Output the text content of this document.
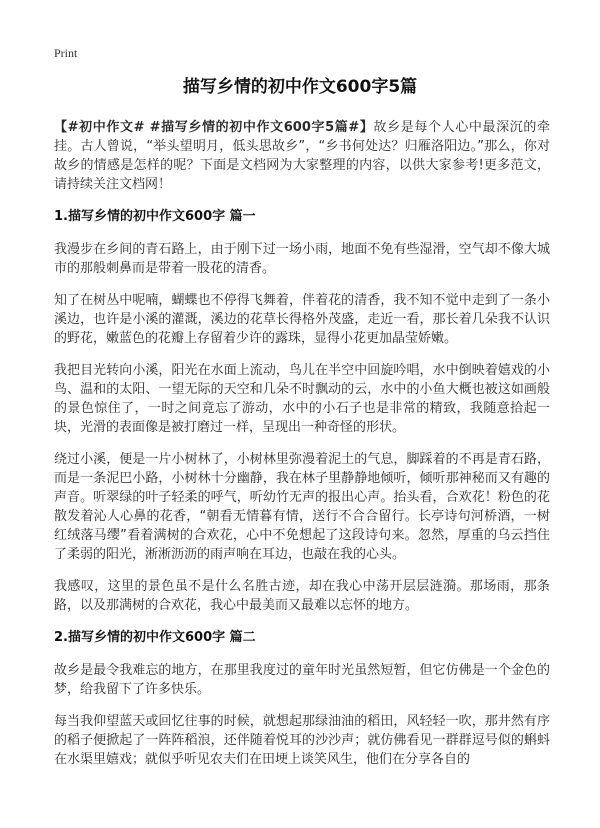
Print
描写乡情的初中作文600字5篇

【#初中作文# #描写乡情的初中作文600字5篇#】故乡是每个人心中最深沉的牵挂。古人曾说，“举头望明月，低头思故乡”，“乡书何处达？归雁洛阳边。”那么，你对故乡的情感是怎样的呢？下面是文档网为大家整理的内容，以供大家参考!更多范文，请持续关注文档网！

1.描写乡情的初中作文600字 篇一

我漫步在乡间的青石路上，由于刚下过一场小雨，地面不免有些湿滑，空气却不像大城市的那般刺鼻而是带着一股花的清香。

知了在树丛中呢喃，蝴蝶也不停得飞舞着，伴着花的清香，我不知不觉中走到了一条小溪边，也许是小溪的灌溉，溪边的花草长得格外茂盛，走近一看，那长着几朵我不认识的野花，嫩蓝色的花瓣上存留着少许的露珠，显得小花更加晶莹娇嫩。

我把目光转向小溪，阳光在水面上流动，鸟儿在半空中回旋吟唱，水中倒映着嬉戏的小鸟、温和的太阳、一望无际的天空和几朵不时飘动的云，水中的小鱼大概也被这如画般的景色惊住了，一时之间竟忘了游动，水中的小石子也是非常的精致，我随意拾起一块，光滑的表面像是被打磨过一样，呈现出一种奇怪的形状。

绕过小溪，便是一片小树林了，小树林里弥漫着泥土的气息，脚踩着的不再是青石路，而是一条泥巴小路，小树林十分幽静，我在林子里静静地倾听，倾听那神秘而又有趣的声音。听翠绿的叶子轻柔的呼气，听幼竹无声的报出心声。抬头看，合欢花！粉色的花散发着沁人心鼻的花香，“朝看无情暮有情，送行不合合留行。长亭诗句河桥酒，一树红绒落马缨”看着满树的合欢花，心中不免想起了这段诗句来。忽然，厚重的乌云挡住了柔弱的阳光，淅淅沥沥的雨声响在耳边，也敲在我的心头。

我感叹，这里的景色虽不是什么名胜古迹，却在我心中荡开层层涟漪。那场雨，那条路，以及那满树的合欢花，我心中最美而又最难以忘怀的地方。

2.描写乡情的初中作文600字 篇二

故乡是最令我难忘的地方，在那里我度过的童年时光虽然短暂，但它仿佛是一个金色的梦，给我留下了许多快乐。

每当我仰望蓝天或回忆往事的时候，就想起那绿油油的稻田，风轻轻一吹，那井然有序的稻子便掀起了一阵阵稻浪，还伴随着悦耳的沙沙声；就仿佛看见一群群逗号似的蝌蚪在水渠里嬉戏；就似乎听见农夫们在田埂上谈笑风生，他们在分享各自的
